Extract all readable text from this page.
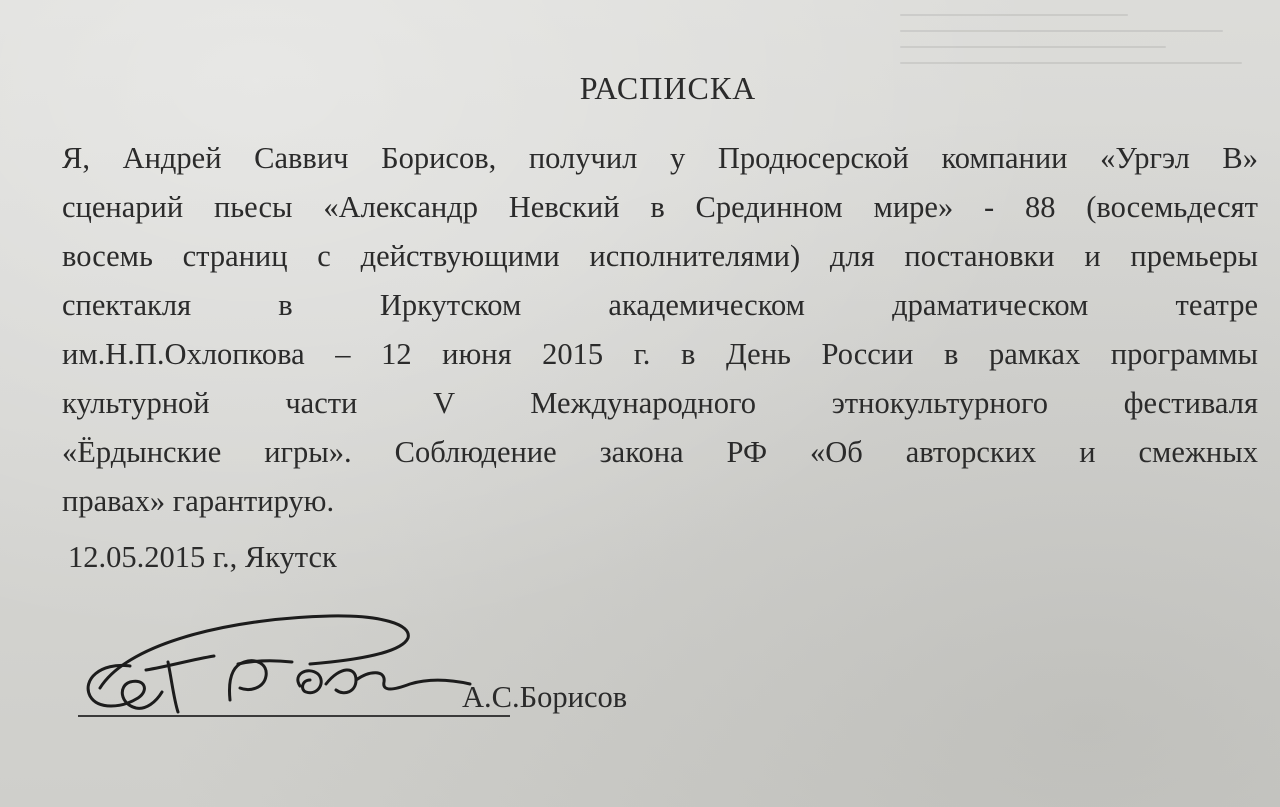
РАСПИСКА
Я, Андрей Саввич Борисов, получил у Продюсерской компании «Ургэл В»
сценарий пьесы «Александр Невский в Срединном мире» - 88 (восемьдесят
восемь страниц с действующими исполнителями) для постановки и премьеры
спектакля в Иркутском академическом драматическом театре
им.Н.П.Охлопкова – 12 июня 2015 г. в День России в рамках программы
культурной части V Международного этнокультурного фестиваля
«Ёрдынские игры». Соблюдение закона РФ «Об авторских и смежных
правах» гарантирую.
12.05.2015 г., Якутск
А.С.Борисов
